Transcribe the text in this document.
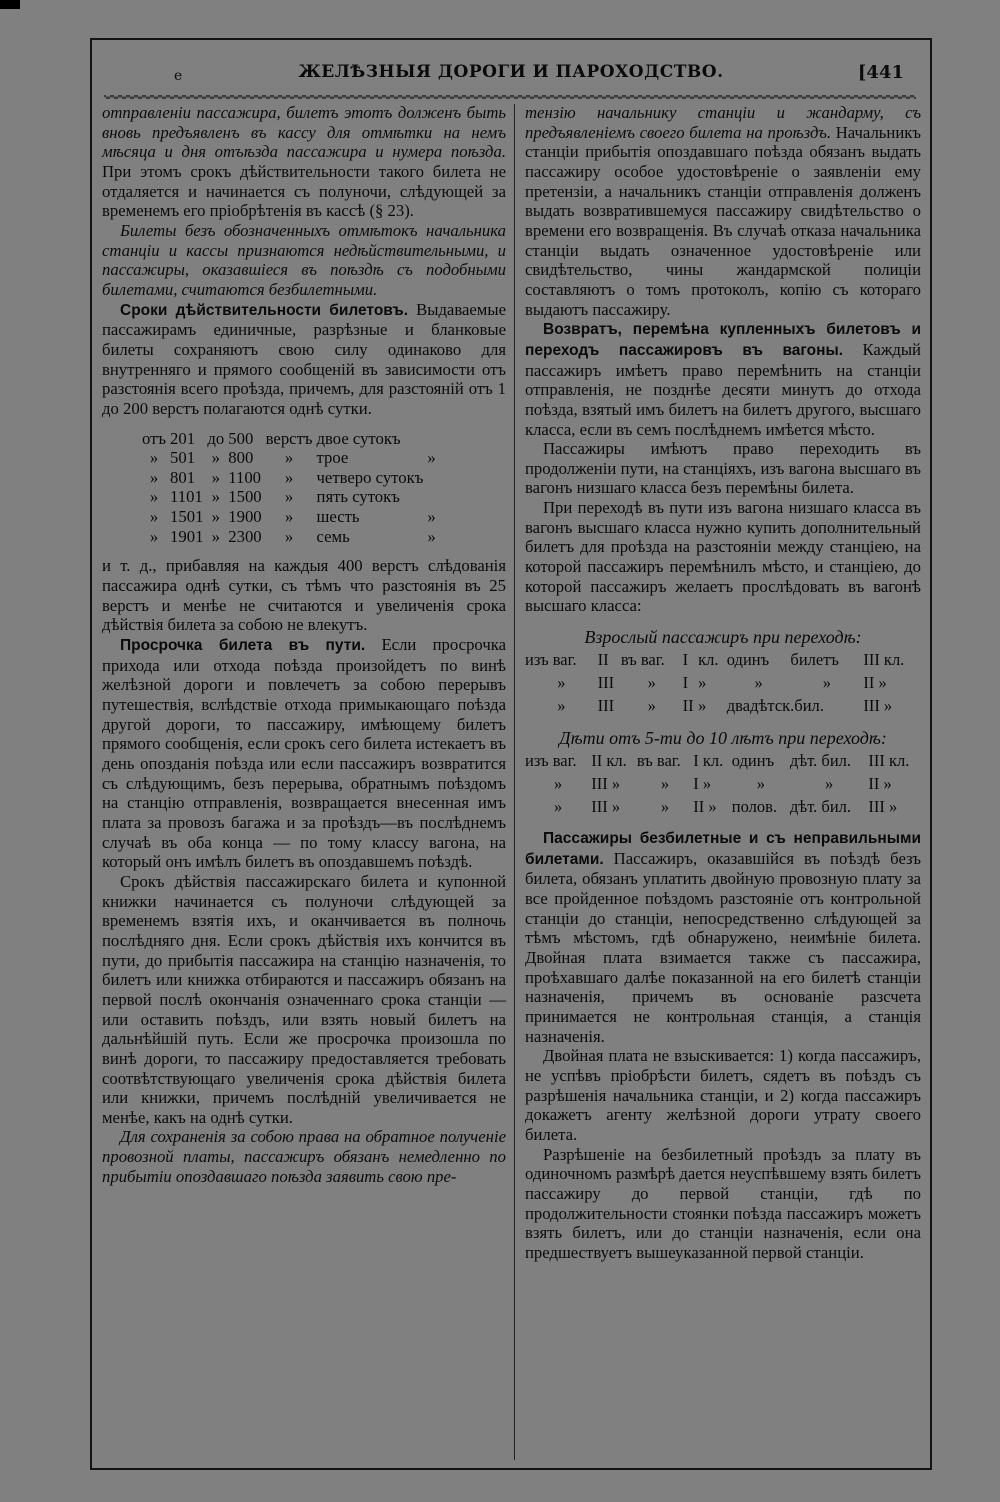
e	ЖЕЛѢЗНЫЯ ДОРОГИ И ПАРОХОДСТВО.	[441

отправленіи пассажира, билетъ этотъ долженъ быть вновь предъявленъ въ кассу для отмѣтки на немъ мѣсяца и дня отъѣзда пассажира и нумера поѣзда. При этомъ срокъ дѣйствительности такого билета не отдаляется и начинается съ полуночи, слѣдующей за временемъ его пріобрѣтенія въ кассѣ (§ 23).

Билеты безъ обозначенныхъ отмѣтокъ начальника станціи и кассы признаются недѣйствительными, и пассажиры, оказавшіеся въ поѣздѣ съ подобными билетами, считаются безбилетными.

Сроки дѣйствительности билетовъ. Выдаваемые пассажирамъ единичные, разрѣзные и бланковые билеты сохраняютъ свою силу одинаково для внутренняго и прямого сообщеній въ зависимости отъ разстоянія всего проѣзда, причемъ, для разстояній отъ 1 до 200 верстъ полагаются однѣ сутки.

отъ	201	до	500	верстъ	двое сутокъ	
»	501	»	800	»	трое	»
»	801	»	1100	»	четверо сутокъ	
»	1101	»	1500	»	пять сутокъ	
»	1501	»	1900	»	шесть	»
»	1901	»	2300	»	семь	»

и т. д., прибавляя на каждыя 400 верстъ слѣдованія пассажира однѣ сутки, съ тѣмъ что разстоянія въ 25 верстъ и менѣе не считаются и увеличенія срока дѣйствія билета за собою не влекутъ.

Просрочка билета въ пути. Если просрочка прихода или отхода поѣзда произойдетъ по винѣ желѣзной дороги и повлечетъ за собою перерывъ путешествія, вслѣдствіе отхода примыкающаго поѣзда другой дороги, то пассажиру, имѣющему билетъ прямого сообщенія, если срокъ сего билета истекаетъ въ день опозданія поѣзда или если пассажиръ возвратится съ слѣдующимъ, безъ перерыва, обратнымъ поѣздомъ на станцію отправленія, возвращается внесенная имъ плата за провозъ багажа и за проѣздъ—въ послѣднемъ случаѣ въ оба конца — по тому классу вагона, на который онъ имѣлъ билетъ въ опоздавшемъ поѣздѣ.

Срокъ дѣйствія пассажирскаго билета и купонной книжки начинается съ полуночи слѣдующей за временемъ взятія ихъ, и оканчивается въ полночь послѣдняго дня. Если срокъ дѣйствія ихъ кончится въ пути, до прибытія пассажира на станцію назначенія, то билетъ или книжка отбираются и пассажиръ обязанъ на первой послѣ окончанія означеннаго срока станціи — или оставить поѣздъ, или взять новый билетъ на дальнѣйшій путь. Если же просрочка произошла по винѣ дороги, то пассажиру предоставляется требовать соотвѣтствующаго увеличенія срока дѣйствія билета или книжки, причемъ послѣдній увеличивается не менѣе, какъ на однѣ сутки.

Для сохраненія за собою права на обратное полученіе провозной платы, пассажиръ обязанъ немедленно по прибытіи опоздавшаго поѣзда заявить свою пре-

тензію начальнику станціи и жандарму, съ предъявленіемъ своего билета на проѣздъ. Начальникъ станціи прибытія опоздавшаго поѣзда обязанъ выдать пассажиру особое удостовѣреніе о заявленіи ему претензіи, а начальникъ станціи отправленія долженъ выдать возвратившемуся пассажиру свидѣтельство о времени его возвращенія. Въ случаѣ отказа начальника станціи выдать означенное удостовѣреніе или свидѣтельство, чины жандармской полиціи составляютъ о томъ протоколъ, копію съ котораго выдаютъ пассажиру.

Возвратъ, перемѣна купленныхъ билетовъ и переходъ пассажировъ въ вагоны. Каждый пассажиръ имѣетъ право перемѣнить на станціи отправленія, не позднѣе десяти минутъ до отхода поѣзда, взятый имъ билетъ на билетъ другого, высшаго класса, если въ семъ послѣднемъ имѣется мѣсто.

Пассажиры имѣютъ право переходить въ продолженіи пути, на станціяхъ, изъ вагона высшаго въ вагонъ низшаго класса безъ перемѣны билета.

При переходѣ въ пути изъ вагона низшаго класса въ вагонъ высшаго класса нужно купить дополнительный билетъ для проѣзда на разстояніи между станціею, на которой пассажиръ перемѣнилъ мѣсто, и станціею, до которой пассажиръ желаетъ прослѣдовать въ вагонѣ высшаго класса:

Взрослый пассажиръ при переходѣ:

изъ ваг.	II	въ ваг.	I	кл.	одинъ	билетъ	III кл.
»	III	»	I	»	»	»	II »
»	III	»	II	»	двадѣтск.бил.		III »

Дѣти отъ 5-ти до 10 лѣтъ при переходѣ:

изъ ваг.	II кл.	въ ваг.	I кл.	одинъ	дѣт. бил.	III кл.
»	III »	»	I »	»	»	II »
»	III »	»	II »	полов.	дѣт. бил.	III »

Пассажиры безбилетные и съ неправильными билетами. Пассажиръ, оказавшійся въ поѣздѣ безъ билета, обязанъ уплатить двойную провозную плату за все пройденное поѣздомъ разстояніе отъ контрольной станціи до станціи, непосредственно слѣдующей за тѣмъ мѣстомъ, гдѣ обнаружено, неимѣніе билета. Двойная плата взимается также съ пассажира, проѣхавшаго далѣе показанной на его билетѣ станціи назначенія, причемъ въ основаніе разсчета принимается не контрольная станція, а станція назначенія.

Двойная плата не взыскивается: 1) когда пассажиръ, не успѣвъ пріобрѣсти билетъ, сядетъ въ поѣздъ съ разрѣшенія начальника станціи, и 2) когда пассажиръ докажетъ агенту желѣзной дороги утрату своего билета.

Разрѣшеніе на безбилетный проѣздъ за плату въ одиночномъ размѣрѣ дается неуспѣвшему взять билетъ пассажиру до первой станціи, гдѣ по продолжительности стоянки поѣзда пассажиръ можетъ взять билетъ, или до станціи назначенія, если она предшествуетъ вышеуказанной первой станціи.
